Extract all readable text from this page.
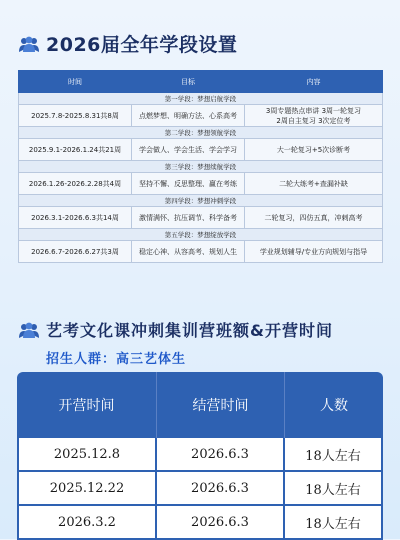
2026届全年学段设置
时间	目标	内容
第一学段：梦想启航学段		
2025.7.8-2025.8.31共8周	点燃梦想、明确方法、心系高考	3周专题热点串讲 3周一轮复习
2周自主复习 3次定位考

第二学段：梦想领航学段		
2025.9.1-2026.1.24共21周	学会做人、学会生活、学会学习	大一轮复习+5次诊断考
第三学段：梦想续航学段		
2026.1.26-2026.2.28共4周	坚持不懈、反思整理、赢在考练	二轮大练考+查漏补缺
第四学段：梦想冲刺学段		
2026.3.1-2026.6.3共14周	激情满怀、抗压调节、科学备考	二轮复习，四仿五真，冲刺高考
第五学段：梦想绽放学段		
2026.6.7-2026.6.27共3周	稳定心神、从容高考、规划人生	学业规划辅导/专业方向规划与指导
艺考文化课冲刺集训营班额&开营时间
招生人群：高三艺体生
开营时间	结营时间	人数
2025.12.8	2026.6.3	18人左右
2025.12.22	2026.6.3	18人左右
2026.3.2	2026.6.3	18人左右
